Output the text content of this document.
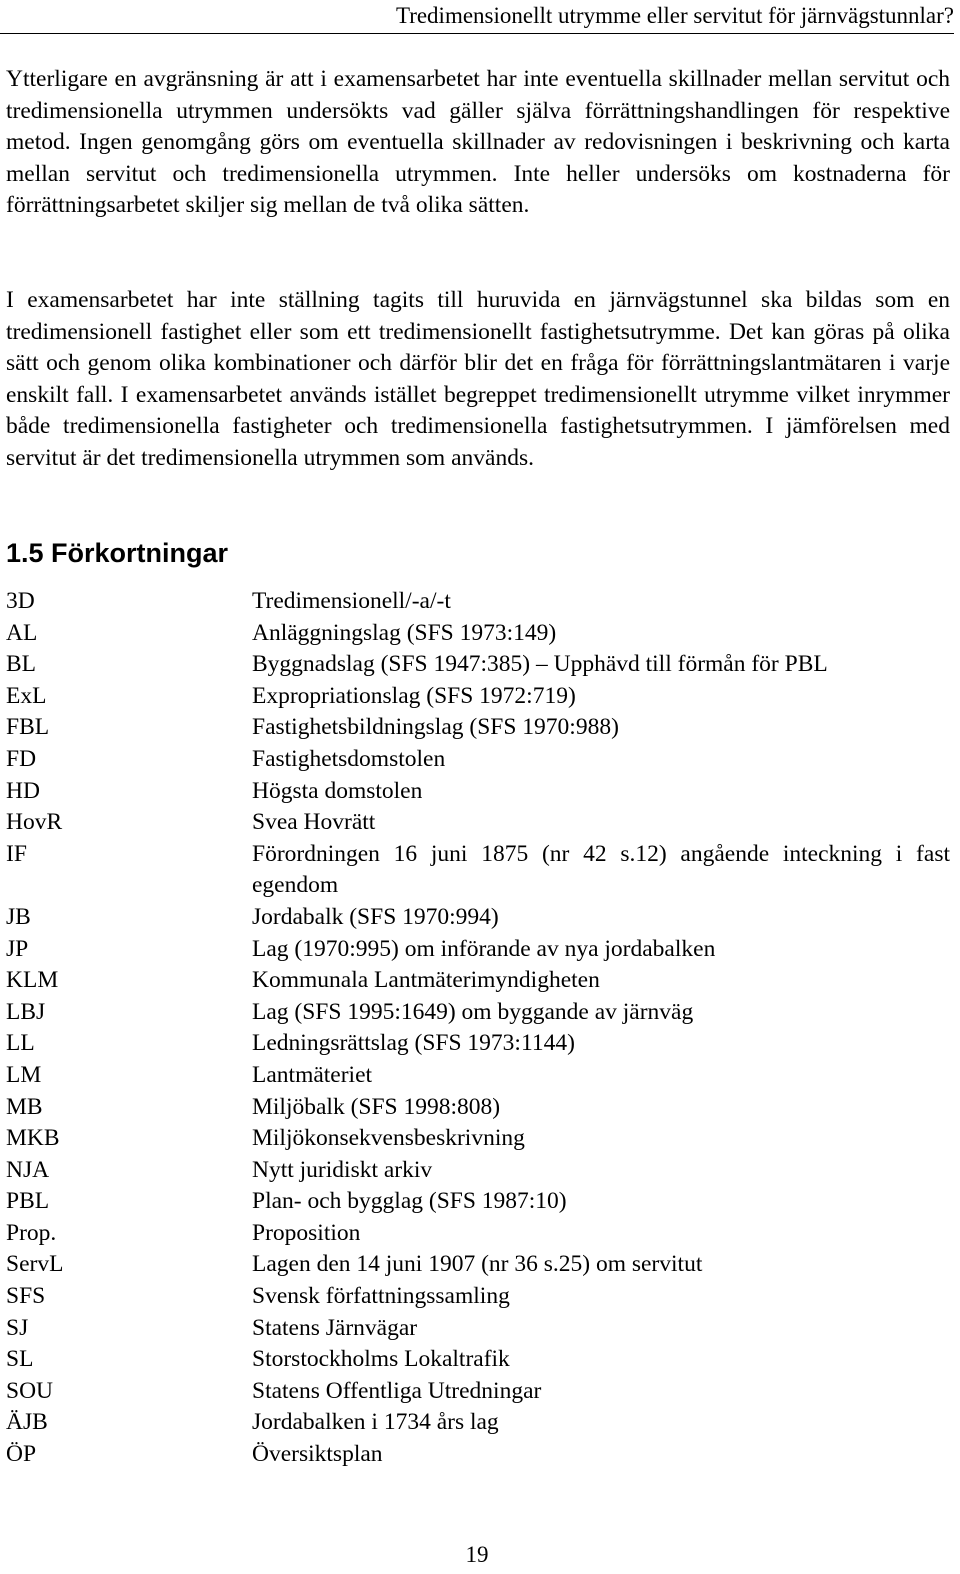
Tredimensionellt utrymme eller servitut för järnvägstunnlar?

Ytterligare en avgränsning är att i examensarbetet har inte eventuella skillnader mellan servitut och tredimensionella utrymmen undersökts vad gäller själva förrättningshandlingen för respektive metod. Ingen genomgång görs om eventuella skillnader av redovisningen i beskrivning och karta mellan servitut och tredimensionella utrymmen. Inte heller undersöks om kostnaderna för förrättningsarbetet skiljer sig mellan de två olika sätten.

I examensarbetet har inte ställning tagits till huruvida en järnvägstunnel ska bildas som en tredimensionell fastighet eller som ett tredimensionellt fastighetsutrymme. Det kan göras på olika sätt och genom olika kombinationer och därför blir det en fråga för förrättningslantmätaren i varje enskilt fall. I examensarbetet används istället begreppet tredimensionellt utrymme vilket inrymmer både tredimensionella fastigheter och tredimensionella fastighetsutrymmen. I jämförelsen med servitut är det tredimensionella utrymmen som används.

1.5 Förkortningar
3D	Tredimensionell/-a/-t
AL	Anläggningslag (SFS 1973:149)
BL	Byggnadslag (SFS 1947:385) – Upphävd till förmån för PBL
ExL	Expropriationslag (SFS 1972:719)
FBL	Fastighetsbildningslag (SFS 1970:988)
FD	Fastighetsdomstolen
HD	Högsta domstolen
HovR	Svea Hovrätt
IF	Förordningen 16 juni 1875 (nr 42 s.12) angående inteckning i fast egendom
JB	Jordabalk (SFS 1970:994)
JP	Lag (1970:995) om införande av nya jordabalken
KLM	Kommunala Lantmäterimyndigheten
LBJ	Lag (SFS 1995:1649) om byggande av järnväg
LL	Ledningsrättslag (SFS 1973:1144)
LM	Lantmäteriet
MB	Miljöbalk (SFS 1998:808)
MKB	Miljökonsekvensbeskrivning
NJA	Nytt juridiskt arkiv
PBL	Plan- och bygglag (SFS 1987:10)
Prop.	Proposition
ServL	Lagen den 14 juni 1907 (nr 36 s.25) om servitut
SFS	Svensk författningssamling
SJ	Statens Järnvägar
SL	Storstockholms Lokaltrafik
SOU	Statens Offentliga Utredningar
ÄJB	Jordabalken i 1734 års lag
ÖP	Översiktsplan
19
